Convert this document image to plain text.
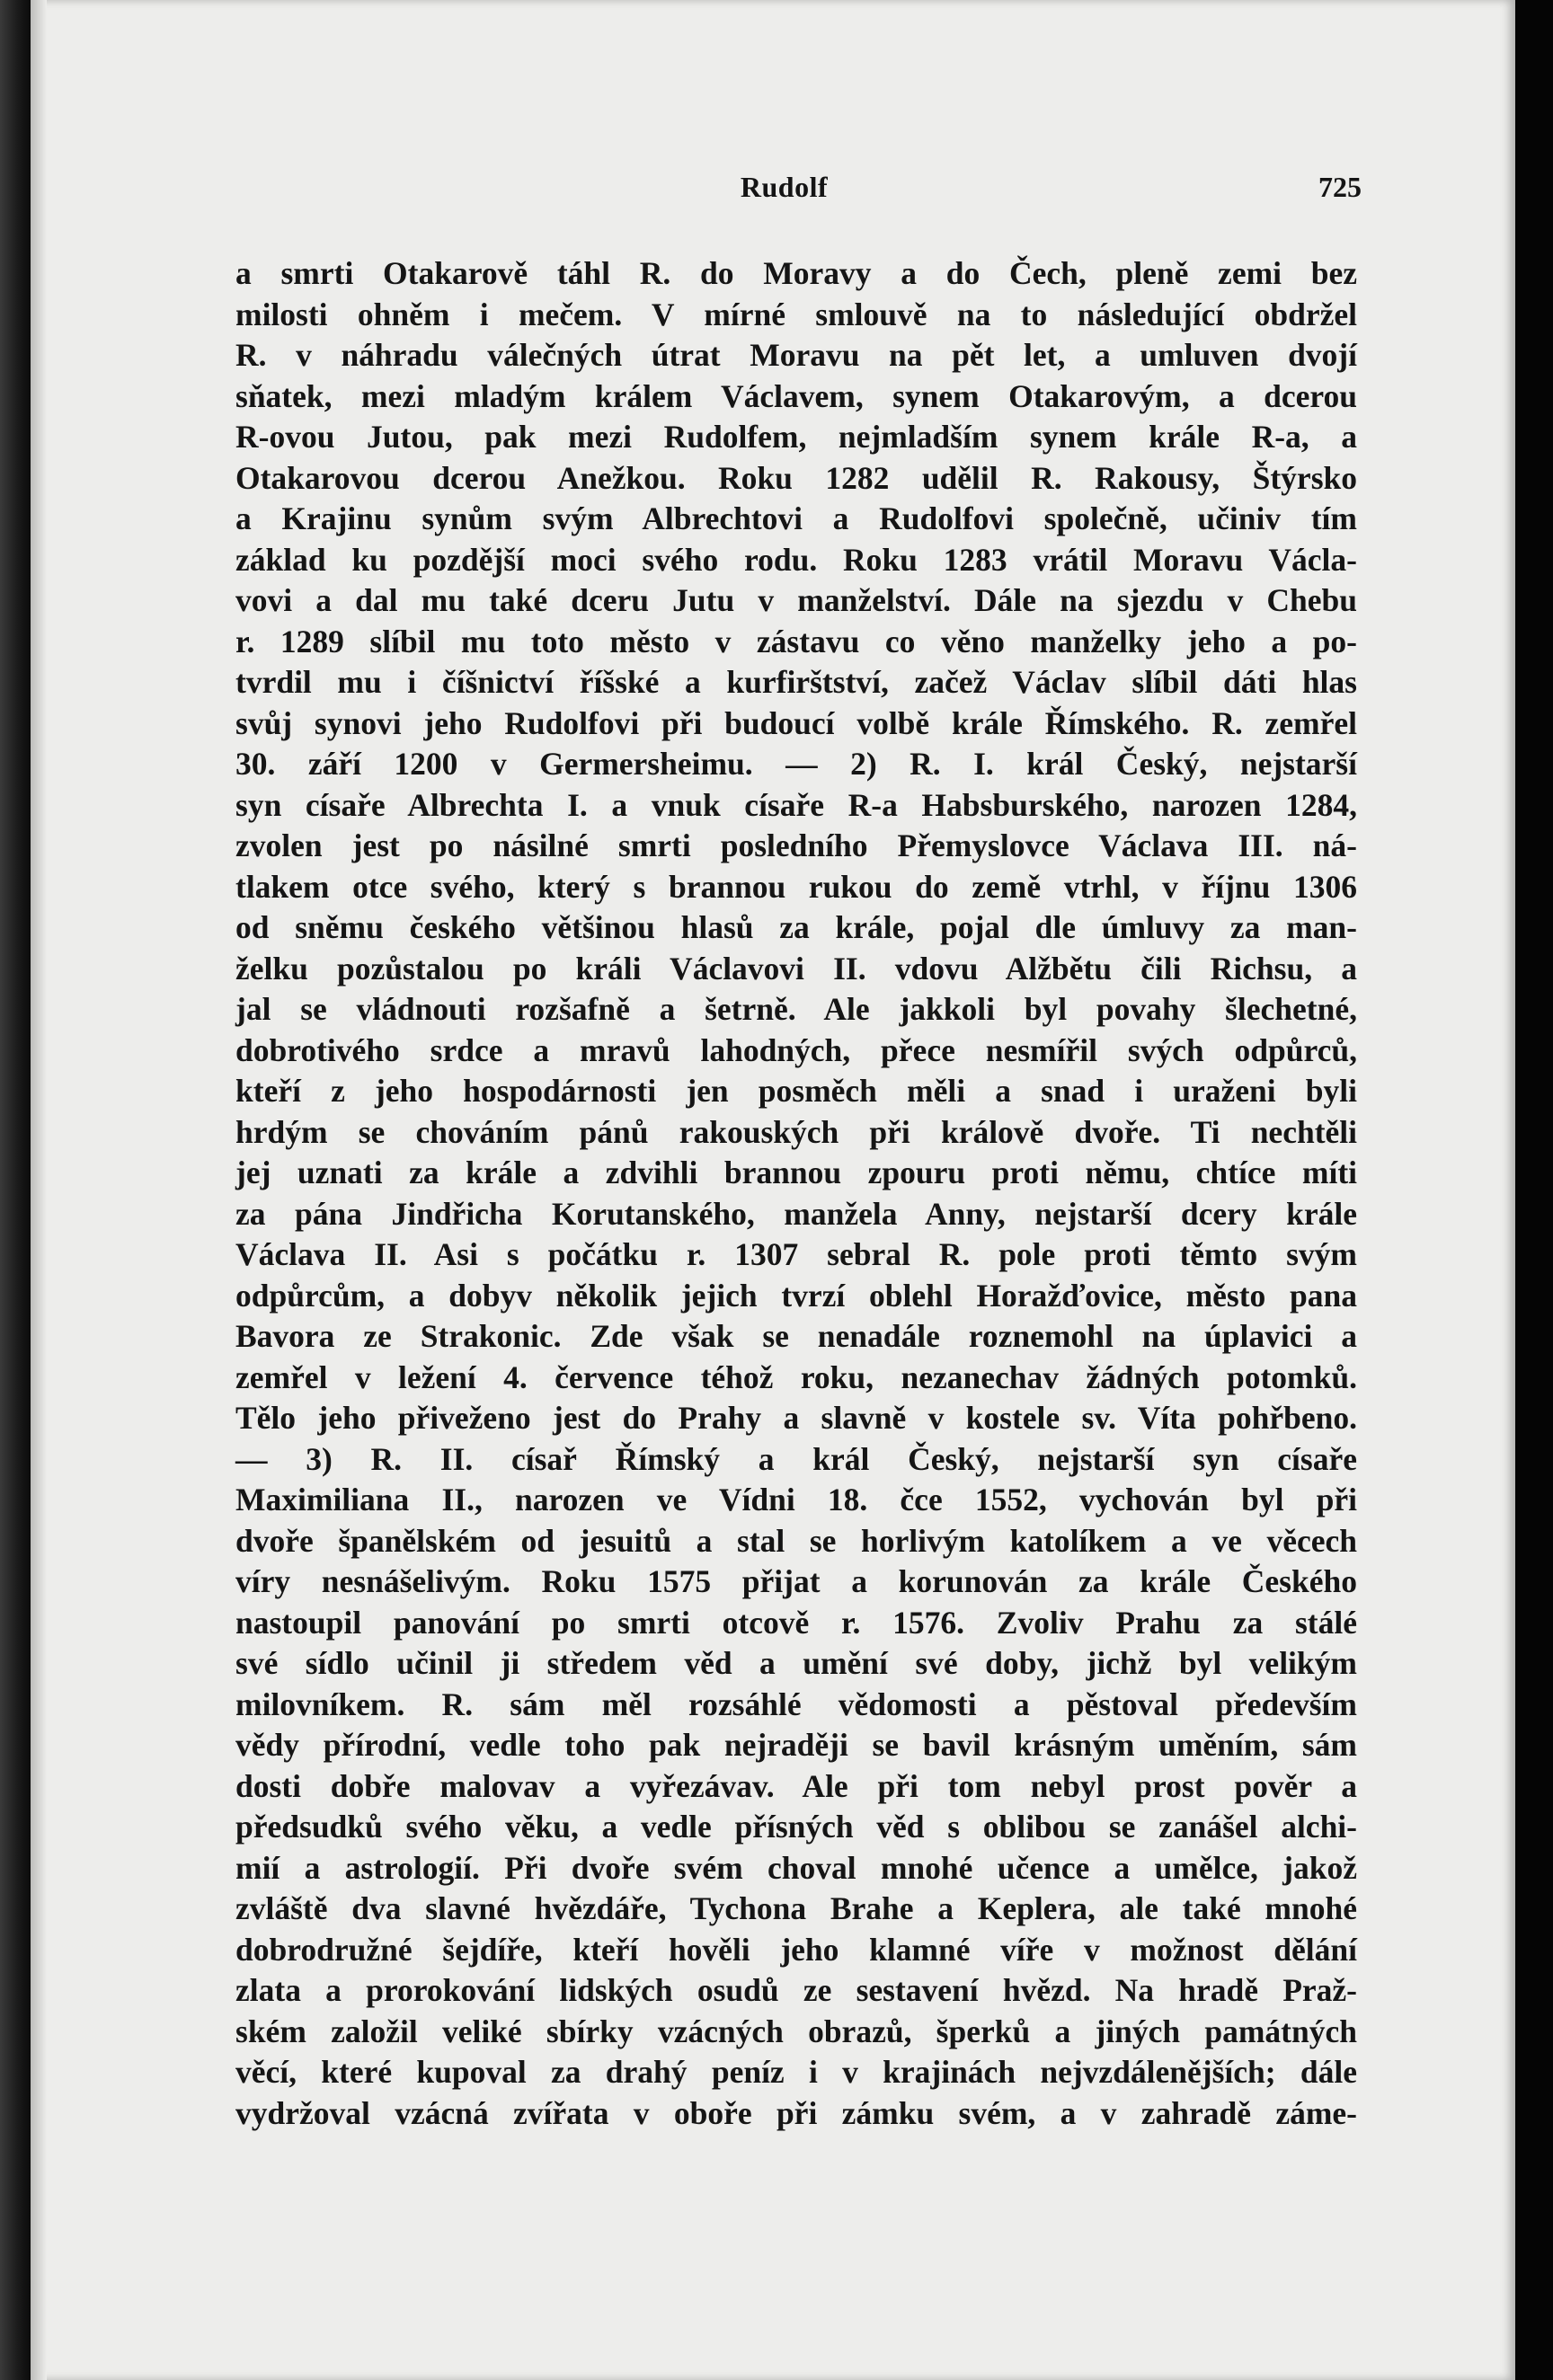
Rudolf	725
a smrti Otakarově táhl R. do Moravy a do Čech, pleně zemi bez
milosti ohněm i mečem. V mírné smlouvě na to následující obdržel
R. v náhradu válečných útrat Moravu na pět let, a umluven dvojí
sňatek, mezi mladým králem Václavem, synem Otakarovým, a dcerou
R-ovou Jutou, pak mezi Rudolfem, nejmladším synem krále R-a, a
Otakarovou dcerou Anežkou. Roku 1282 udělil R. Rakousy, Štýrsko
a Krajinu synům svým Albrechtovi a Rudolfovi společně, učiniv tím
základ ku pozdější moci svého rodu. Roku 1283 vrátil Moravu Václa-
vovi a dal mu také dceru Jutu v manželství. Dále na sjezdu v Chebu
r. 1289 slíbil mu toto město v zástavu co věno manželky jeho a po-
tvrdil mu i číšnictví říšské a kurfirštství, začež Václav slíbil dáti hlas
svůj synovi jeho Rudolfovi při budoucí volbě krále Římského. R. zemřel
30. září 1200 v Germersheimu. — 2) R. I. král Český, nejstarší
syn císaře Albrechta I. a vnuk císaře R-a Habsburského, narozen 1284,
zvolen jest po násilné smrti posledního Přemyslovce Václava III. ná-
tlakem otce svého, který s brannou rukou do země vtrhl, v říjnu 1306
od sněmu českého většinou hlasů za krále, pojal dle úmluvy za man-
želku pozůstalou po králi Václavovi II. vdovu Alžbětu čili Richsu, a
jal se vládnouti rozšafně a šetrně. Ale jakkoli byl povahy šlechetné,
dobrotivého srdce a mravů lahodných, přece nesmířil svých odpůrců,
kteří z jeho hospodárnosti jen posměch měli a snad i uraženi byli
hrdým se chováním pánů rakouských při králově dvoře. Ti nechtěli
jej uznati za krále a zdvihli brannou zpouru proti němu, chtíce míti
za pána Jindřicha Korutanského, manžela Anny, nejstarší dcery krále
Václava II. Asi s počátku r. 1307 sebral R. pole proti těmto svým
odpůrcům, a dobyv několik jejich tvrzí oblehl Horažďovice, město pana
Bavora ze Strakonic. Zde však se nenadále roznemohl na úplavici a
zemřel v ležení 4. července téhož roku, nezanechav žádných potomků.
Tělo jeho přiveženo jest do Prahy a slavně v kostele sv. Víta pohřbeno.
— 3) R. II. císař Římský a král Český, nejstarší syn císaře
Maximiliana II., narozen ve Vídni 18. čce 1552, vychován byl při
dvoře španělském od jesuitů a stal se horlivým katolíkem a ve věcech
víry nesnášelivým. Roku 1575 přijat a korunován za krále Českého
nastoupil panování po smrti otcově r. 1576. Zvoliv Prahu za stálé
své sídlo učinil ji středem věd a umění své doby, jichž byl velikým
milovníkem. R. sám měl rozsáhlé vědomosti a pěstoval především
vědy přírodní, vedle toho pak nejraději se bavil krásným uměním, sám
dosti dobře malovav a vyřezávav. Ale při tom nebyl prost pověr a
předsudků svého věku, a vedle přísných věd s oblibou se zanášel alchi-
mií a astrologií. Při dvoře svém choval mnohé učence a umělce, jakož
zvláště dva slavné hvězdáře, Tychona Brahe a Keplera, ale také mnohé
dobrodružné šejdíře, kteří hověli jeho klamné víře v možnost dělání
zlata a prorokování lidských osudů ze sestavení hvězd. Na hradě Praž-
ském založil veliké sbírky vzácných obrazů, šperků a jiných památných
věcí, které kupoval za drahý peníz i v krajinách nejvzdálenějších; dále
vydržoval vzácná zvířata v oboře při zámku svém, a v zahradě záme-
